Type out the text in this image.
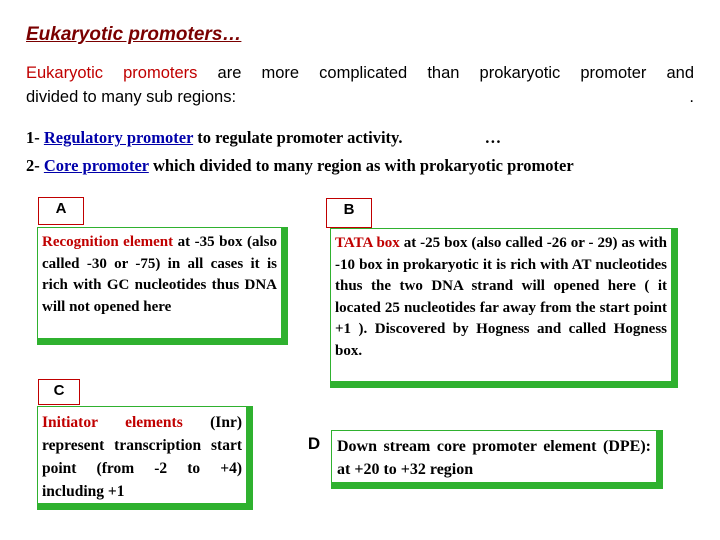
Eukaryotic promoters…
Eukaryotic promoters are more complicated than prokaryotic promoter and
divided to many sub regions:	.
1- Regulatory promoter to regulate promoter activity.	…
2- Core promoter which divided to many region as with prokaryotic promoter
Recognition element at -35 box (also called -30 or -75) in all cases it is rich with GC nucleotides thus DNA will not opened here
A
TATA box at -25 box (also called -26 or - 29) as with -10 box in prokaryotic it is rich with AT nucleotides thus the two DNA strand will opened here ( it located 25 nucleotides far away from the start point +1 ). Discovered by Hogness and called Hogness box.
B
C
Initiator elements (Inr) represent transcription start point (from -2 to +4) including +1
D	Down stream core promoter element (DPE): at +20 to +32 region
